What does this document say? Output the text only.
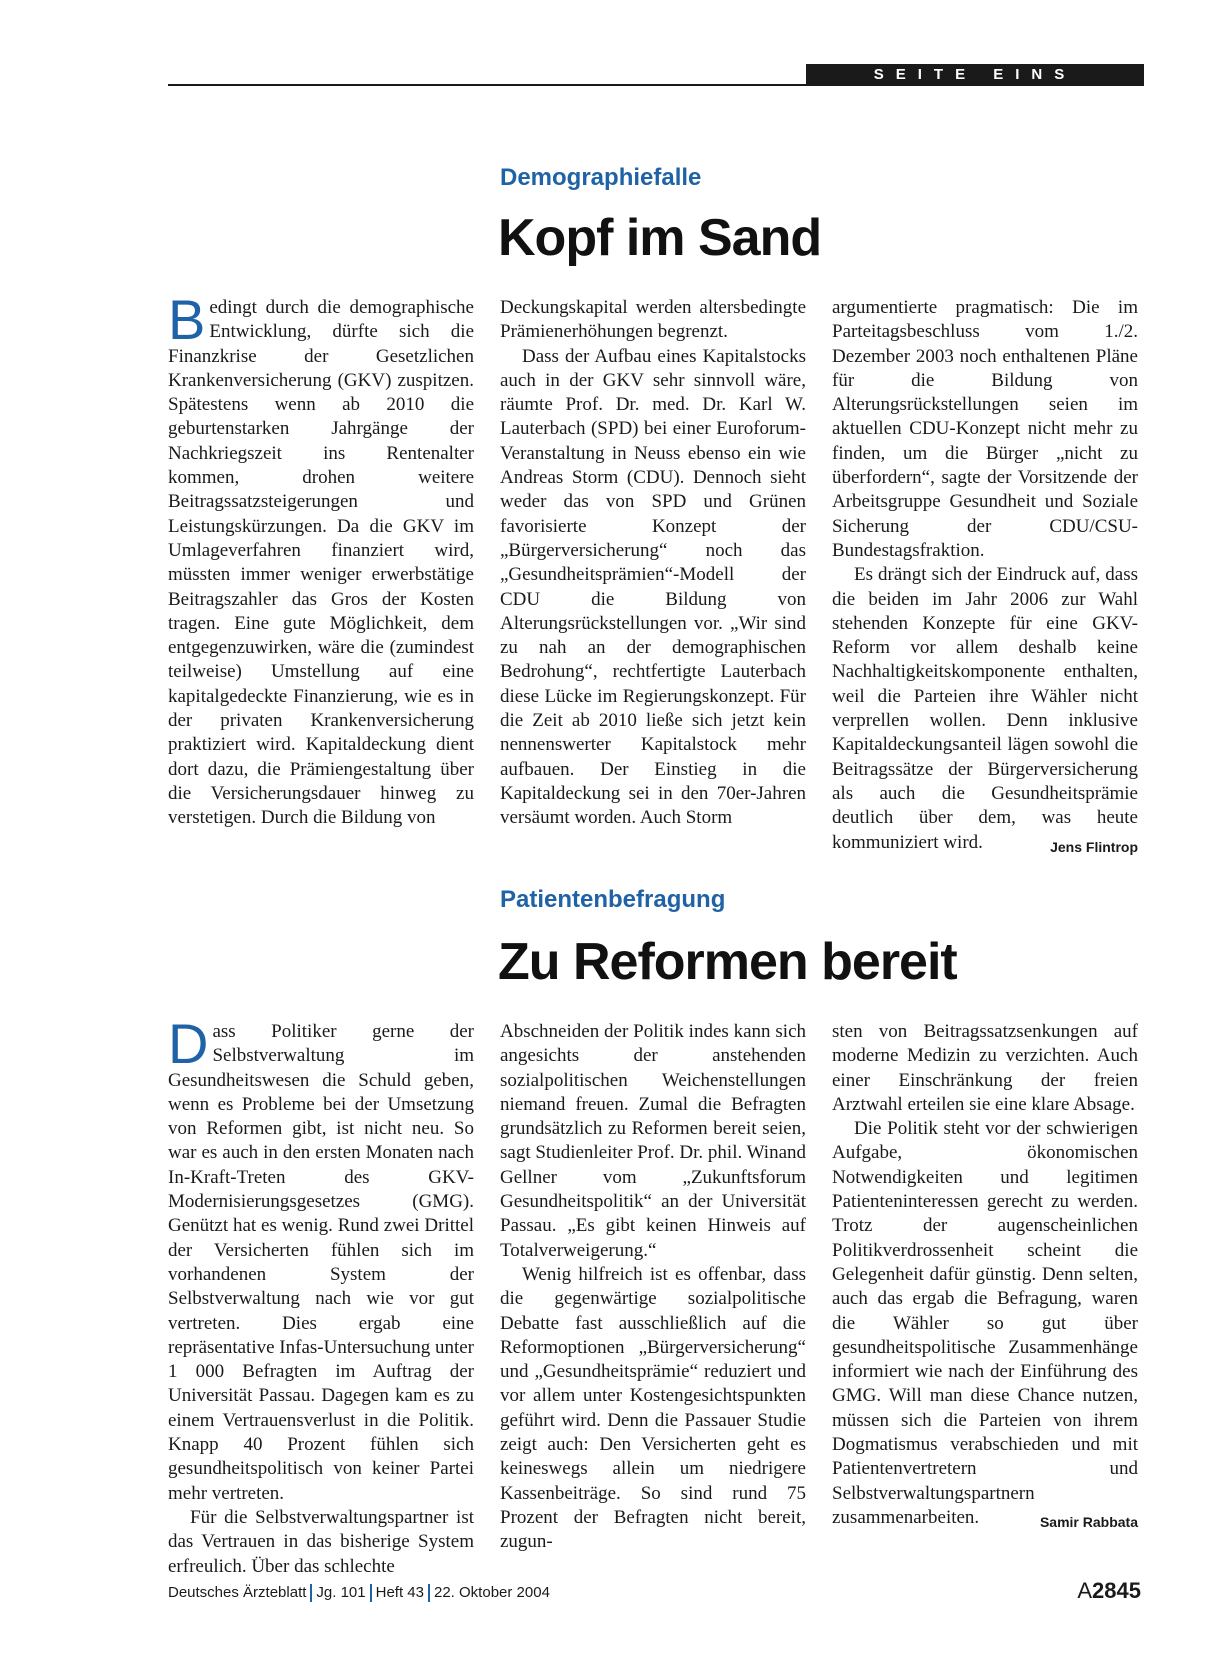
SEITE EINS
Demographiefalle
Kopf im Sand

Bedingt durch die demographische Entwicklung, dürfte sich die Finanzkrise der Gesetzlichen Krankenversicherung (GKV) zuspitzen. Spätestens wenn ab 2010 die geburtenstarken Jahrgänge der Nachkriegszeit ins Rentenalter kommen, drohen weitere Beitragssatzsteigerungen und Leistungskürzungen. Da die GKV im Umlageverfahren finanziert wird, müssten immer weniger erwerbstätige Beitragszahler das Gros der Kosten tragen. Eine gute Möglichkeit, dem entgegenzuwirken, wäre die (zumindest teilweise) Umstellung auf eine kapitalgedeckte Finanzierung, wie es in der privaten Krankenversicherung praktiziert wird. Kapitaldeckung dient dort dazu, die Prämiengestaltung über die Versicherungsdauer hinweg zu verstetigen. Durch die Bildung von

Deckungskapital werden altersbedingte Prämienerhöhungen begrenzt.

Dass der Aufbau eines Kapitalstocks auch in der GKV sehr sinnvoll wäre, räumte Prof. Dr. med. Dr. Karl W. Lauterbach (SPD) bei einer Euroforum-Veranstaltung in Neuss ebenso ein wie Andreas Storm (CDU). Dennoch sieht weder das von SPD und Grünen favorisierte Konzept der „Bürgerversicherung“ noch das „Gesundheitsprämien“-Modell der CDU die Bildung von Alterungsrückstellungen vor. „Wir sind zu nah an der demographischen Bedrohung“, rechtfertigte Lauterbach diese Lücke im Regierungskonzept. Für die Zeit ab 2010 ließe sich jetzt kein nennenswerter Kapitalstock mehr aufbauen. Der Einstieg in die Kapitaldeckung sei in den 70er-Jahren versäumt worden. Auch Storm

argumentierte pragmatisch: Die im Parteitagsbeschluss vom 1./2. Dezember 2003 noch enthaltenen Pläne für die Bildung von Alterungsrückstellungen seien im aktuellen CDU-Konzept nicht mehr zu finden, um die Bürger „nicht zu überfordern“, sagte der Vorsitzende der Arbeitsgruppe Gesundheit und Soziale Sicherung der CDU/CSU-Bundestagsfraktion.

Es drängt sich der Eindruck auf, dass die beiden im Jahr 2006 zur Wahl stehenden Konzepte für eine GKV-Reform vor allem deshalb keine Nachhaltigkeitskomponente enthalten, weil die Parteien ihre Wähler nicht verprellen wollen. Denn inklusive Kapitaldeckungsanteil lägen sowohl die Beitragssätze der Bürgerversicherung als auch die Gesundheitsprämie deutlich über dem, was heute kommuniziert wird.	Jens Flintrop

Patientenbefragung
Zu Reformen bereit

Dass Politiker gerne der Selbstverwaltung im Gesundheitswesen die Schuld geben, wenn es Probleme bei der Umsetzung von Reformen gibt, ist nicht neu. So war es auch in den ersten Monaten nach In-Kraft-Treten des GKV-Modernisierungsgesetzes (GMG). Genützt hat es wenig. Rund zwei Drittel der Versicherten fühlen sich im vorhandenen System der Selbstverwaltung nach wie vor gut vertreten. Dies ergab eine repräsentative Infas-Untersuchung unter 1 000 Befragten im Auftrag der Universität Passau. Dagegen kam es zu einem Vertrauensverlust in die Politik. Knapp 40 Prozent fühlen sich gesundheitspolitisch von keiner Partei mehr vertreten.

Für die Selbstverwaltungspartner ist das Vertrauen in das bisherige System erfreulich. Über das schlechte

Abschneiden der Politik indes kann sich angesichts der anstehenden sozialpolitischen Weichenstellungen niemand freuen. Zumal die Befragten grundsätzlich zu Reformen bereit seien, sagt Studienleiter Prof. Dr. phil. Winand Gellner vom „Zukunftsforum Gesundheitspolitik“ an der Universität Passau. „Es gibt keinen Hinweis auf Totalverweigerung.“

Wenig hilfreich ist es offenbar, dass die gegenwärtige sozialpolitische Debatte fast ausschließlich auf die Reformoptionen „Bürgerversicherung“ und „Gesundheitsprämie“ reduziert und vor allem unter Kostengesichtspunkten geführt wird. Denn die Passauer Studie zeigt auch: Den Versicherten geht es keineswegs allein um niedrigere Kassenbeiträge. So sind rund 75 Prozent der Befragten nicht bereit, zugun-

sten von Beitragssatzsenkungen auf moderne Medizin zu verzichten. Auch einer Einschränkung der freien Arztwahl erteilen sie eine klare Absage.

Die Politik steht vor der schwierigen Aufgabe, ökonomischen Notwendigkeiten und legitimen Patienteninteressen gerecht zu werden. Trotz der augenscheinlichen Politikverdrossenheit scheint die Gelegenheit dafür günstig. Denn selten, auch das ergab die Befragung, waren die Wähler so gut über gesundheitspolitische Zusammenhänge informiert wie nach der Einführung des GMG. Will man diese Chance nutzen, müssen sich die Parteien von ihrem Dogmatismus verabschieden und mit Patientenvertretern und Selbstverwaltungspartnern zusammenarbeiten.	Samir Rabbata

Deutsches Ärzteblatt Jg. 101 Heft 43 22. Oktober 2004	A2845
